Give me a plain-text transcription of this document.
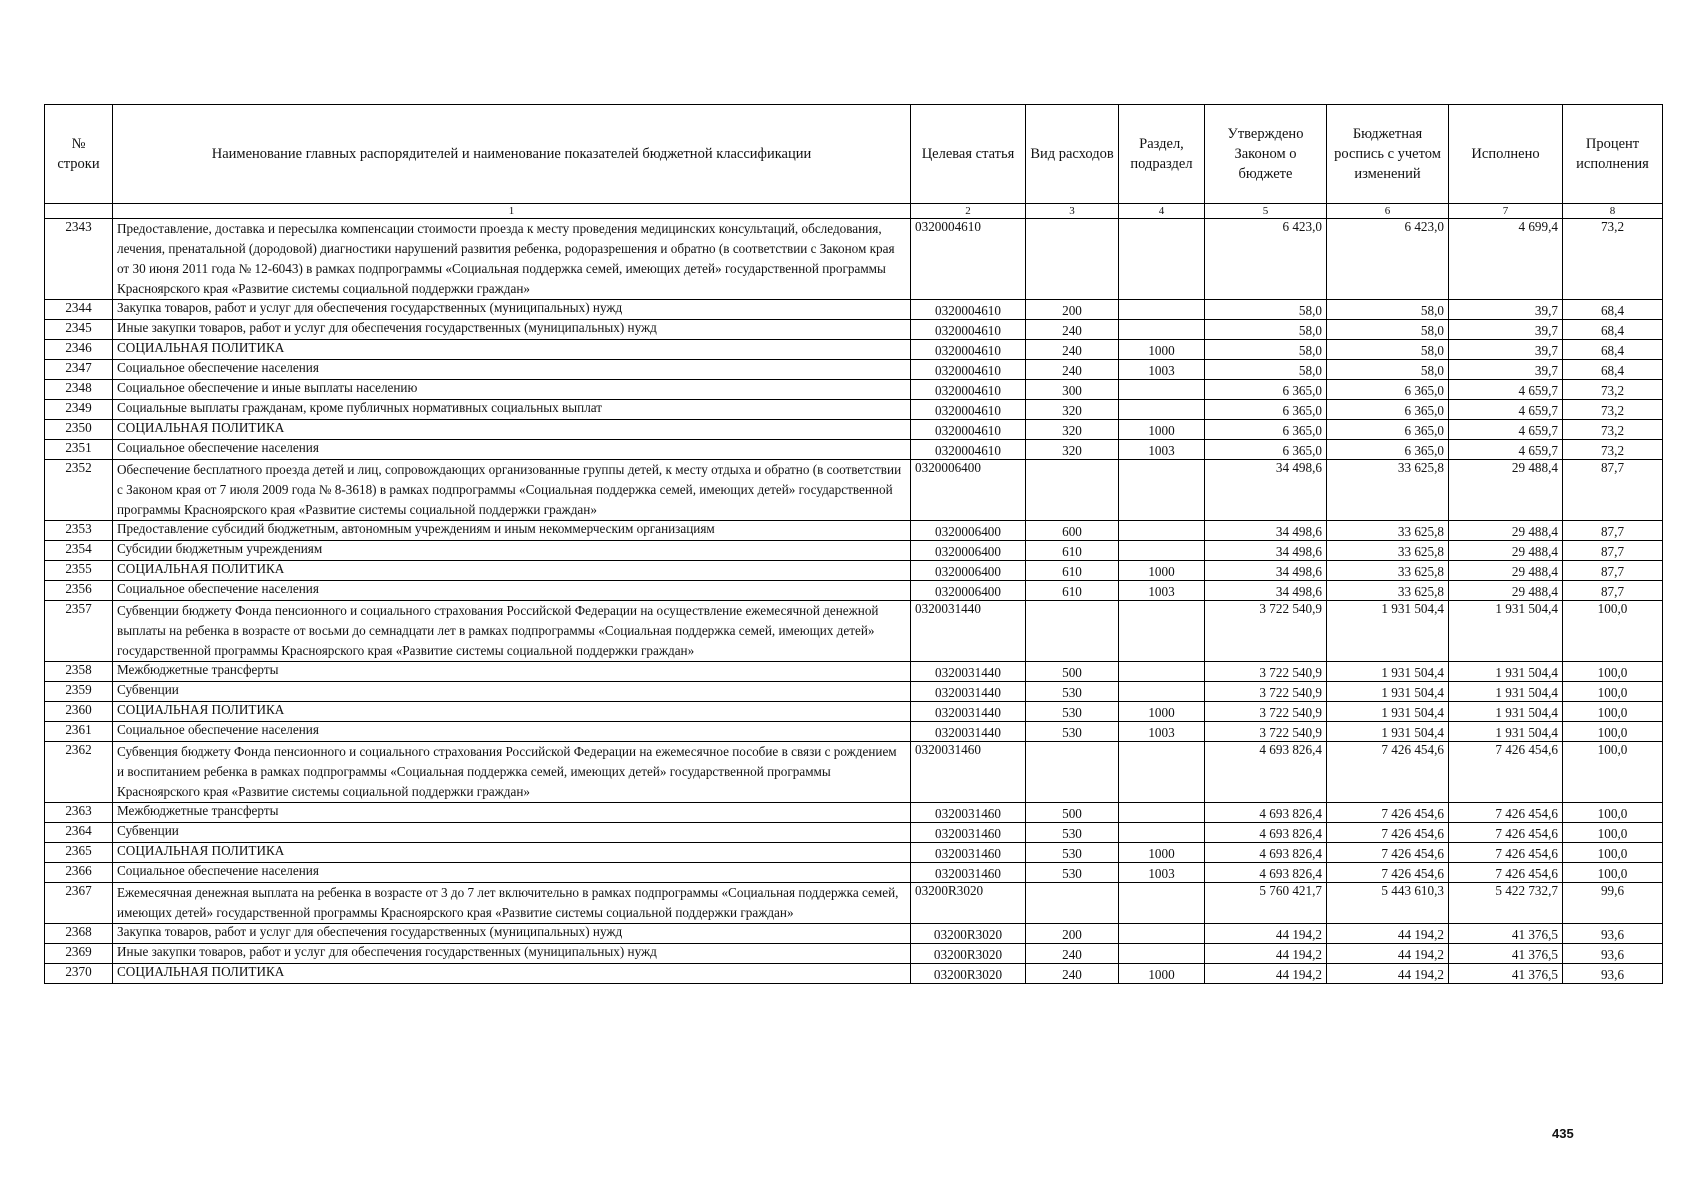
№ строки	Наименование главных распорядителей и наименование показателей бюджетной классификации	Целевая статья	Вид расходов	Раздел, подраздел	Утверждено Законом о бюджете	Бюджетная роспись с учетом изменений	Исполнено	Процент исполнения
	1	2	3	4	5	6	7	8
2343	Предоставление, доставка и пересылка компенсации стоимости проезда к месту проведения медицинских консультаций, обследования, лечения, пренатальной (дородовой) диагностики нарушений развития ребенка, родоразрешения и обратно (в соответствии с Законом края от 30 июня 2011 года № 12-6043) в рамках подпрограммы «Социальная поддержка семей, имеющих детей» государственной программы Красноярского края «Развитие системы социальной поддержки граждан»	0320004610			6 423,0	6 423,0	4 699,4	73,2
2344	Закупка товаров, работ и услуг для обеспечения государственных (муниципальных) нужд	0320004610	200		58,0	58,0	39,7	68,4
2345	Иные закупки товаров, работ и услуг для обеспечения государственных (муниципальных) нужд	0320004610	240		58,0	58,0	39,7	68,4
2346	СОЦИАЛЬНАЯ ПОЛИТИКА	0320004610	240	1000	58,0	58,0	39,7	68,4
2347	Социальное обеспечение населения	0320004610	240	1003	58,0	58,0	39,7	68,4
2348	Социальное обеспечение и иные выплаты населению	0320004610	300		6 365,0	6 365,0	4 659,7	73,2
2349	Социальные выплаты гражданам, кроме публичных нормативных социальных выплат	0320004610	320		6 365,0	6 365,0	4 659,7	73,2
2350	СОЦИАЛЬНАЯ ПОЛИТИКА	0320004610	320	1000	6 365,0	6 365,0	4 659,7	73,2
2351	Социальное обеспечение населения	0320004610	320	1003	6 365,0	6 365,0	4 659,7	73,2
2352	Обеспечение бесплатного проезда детей и лиц, сопровождающих организованные группы детей, к месту отдыха и обратно (в соответствии с Законом края от 7 июля 2009 года № 8-3618) в рамках подпрограммы «Социальная поддержка семей, имеющих детей» государственной программы Красноярского края «Развитие системы социальной поддержки граждан»	0320006400			34 498,6	33 625,8	29 488,4	87,7
2353	Предоставление субсидий бюджетным, автономным учреждениям и иным некоммерческим организациям	0320006400	600		34 498,6	33 625,8	29 488,4	87,7
2354	Субсидии бюджетным учреждениям	0320006400	610		34 498,6	33 625,8	29 488,4	87,7
2355	СОЦИАЛЬНАЯ ПОЛИТИКА	0320006400	610	1000	34 498,6	33 625,8	29 488,4	87,7
2356	Социальное обеспечение населения	0320006400	610	1003	34 498,6	33 625,8	29 488,4	87,7
2357	Субвенции бюджету Фонда пенсионного и социального страхования Российской Федерации на осуществление ежемесячной денежной выплаты на ребенка в возрасте от восьми до семнадцати лет в рамках подпрограммы «Социальная поддержка семей, имеющих детей» государственной программы Красноярского края «Развитие системы социальной поддержки граждан»	0320031440			3 722 540,9	1 931 504,4	1 931 504,4	100,0
2358	Межбюджетные трансферты	0320031440	500		3 722 540,9	1 931 504,4	1 931 504,4	100,0
2359	Субвенции	0320031440	530		3 722 540,9	1 931 504,4	1 931 504,4	100,0
2360	СОЦИАЛЬНАЯ ПОЛИТИКА	0320031440	530	1000	3 722 540,9	1 931 504,4	1 931 504,4	100,0
2361	Социальное обеспечение населения	0320031440	530	1003	3 722 540,9	1 931 504,4	1 931 504,4	100,0
2362	Субвенция бюджету Фонда пенсионного и социального страхования Российской Федерации на ежемесячное пособие в связи с рождением и воспитанием ребенка в рамках подпрограммы «Социальная поддержка семей, имеющих детей» государственной программы Красноярского края «Развитие системы социальной поддержки граждан»	0320031460			4 693 826,4	7 426 454,6	7 426 454,6	100,0
2363	Межбюджетные трансферты	0320031460	500		4 693 826,4	7 426 454,6	7 426 454,6	100,0
2364	Субвенции	0320031460	530		4 693 826,4	7 426 454,6	7 426 454,6	100,0
2365	СОЦИАЛЬНАЯ ПОЛИТИКА	0320031460	530	1000	4 693 826,4	7 426 454,6	7 426 454,6	100,0
2366	Социальное обеспечение населения	0320031460	530	1003	4 693 826,4	7 426 454,6	7 426 454,6	100,0
2367	Ежемесячная денежная выплата на ребенка в возрасте от 3 до 7 лет включительно в рамках подпрограммы «Социальная поддержка семей, имеющих детей» государственной программы Красноярского края «Развитие системы социальной поддержки граждан»	03200R3020			5 760 421,7	5 443 610,3	5 422 732,7	99,6
2368	Закупка товаров, работ и услуг для обеспечения государственных (муниципальных) нужд	03200R3020	200		44 194,2	44 194,2	41 376,5	93,6
2369	Иные закупки товаров, работ и услуг для обеспечения государственных (муниципальных) нужд	03200R3020	240		44 194,2	44 194,2	41 376,5	93,6
2370	СОЦИАЛЬНАЯ ПОЛИТИКА	03200R3020	240	1000	44 194,2	44 194,2	41 376,5	93,6
435
